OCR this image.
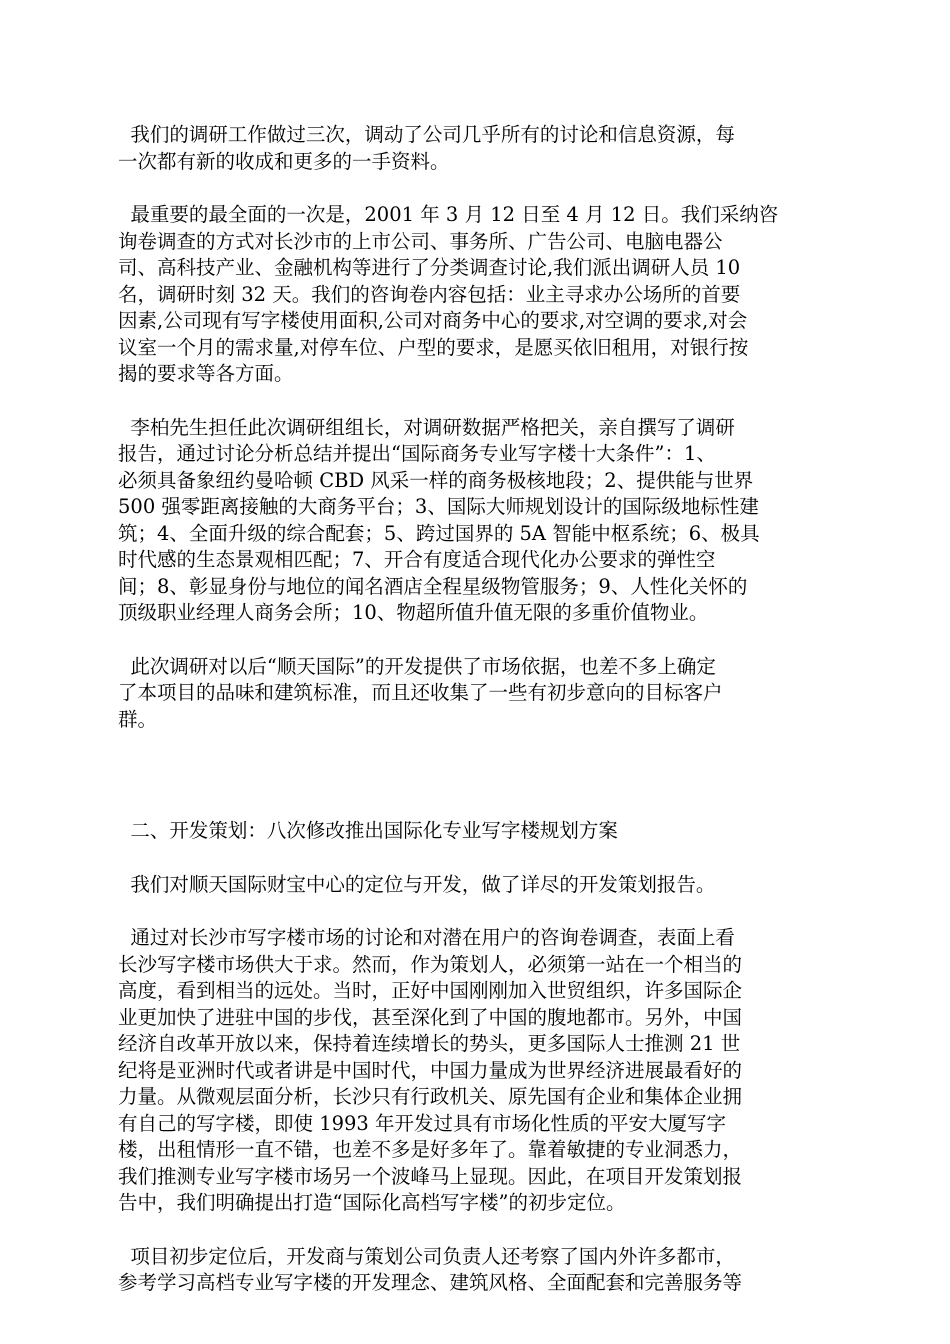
我们的调研工作做过三次，调动了公司几乎所有的讨论和信息资源，每
一次都有新的收成和更多的一手资料。
最重要的最全面的一次是，2001 年 3 月 12 日至 4 月 12 日。我们采纳咨
询卷调查的方式对长沙市的上市公司、事务所、广告公司、电脑电器公
司、高科技产业、金融机构等进行了分类调查讨论,我们派出调研人员 10
名，调研时刻 32 天。我们的咨询卷内容包括：业主寻求办公场所的首要
因素,公司现有写字楼使用面积,公司对商务中心的要求,对空调的要求,对会
议室一个月的需求量,对停车位、户型的要求，是愿买依旧租用，对银行按
揭的要求等各方面。
李柏先生担任此次调研组组长，对调研数据严格把关，亲自撰写了调研
报告，通过讨论分析总结并提出“国际商务专业写字楼十大条件”：1、
必须具备象纽约曼哈顿 CBD 风采一样的商务极核地段；2、提供能与世界
500 强零距离接触的大商务平台；3、国际大师规划设计的国际级地标性建
筑；4、全面升级的综合配套；5、跨过国界的 5A 智能中枢系统；6、极具
时代感的生态景观相匹配；7、开合有度适合现代化办公要求的弹性空
间；8、彰显身份与地位的闻名酒店全程星级物管服务；9、人性化关怀的
顶级职业经理人商务会所；10、物超所值升值无限的多重价值物业。
此次调研对以后“顺天国际”的开发提供了市场依据，也差不多上确定
了本项目的品味和建筑标准，而且还收集了一些有初步意向的目标客户
群。
二、开发策划：八次修改推出国际化专业写字楼规划方案
我们对顺天国际财宝中心的定位与开发，做了详尽的开发策划报告。
通过对长沙市写字楼市场的讨论和对潜在用户的咨询卷调查，表面上看
长沙写字楼市场供大于求。然而，作为策划人，必须第一站在一个相当的
高度，看到相当的远处。当时，正好中国刚刚加入世贸组织，许多国际企
业更加快了进驻中国的步伐，甚至深化到了中国的腹地都市。另外，中国
经济自改革开放以来，保持着连续增长的势头，更多国际人士推测 21 世
纪将是亚洲时代或者讲是中国时代，中国力量成为世界经济进展最看好的
力量。从微观层面分析，长沙只有行政机关、原先国有企业和集体企业拥
有自己的写字楼，即使 1993 年开发过具有市场化性质的平安大厦写字
楼，出租情形一直不错，也差不多是好多年了。靠着敏捷的专业洞悉力，
我们推测专业写字楼市场另一个波峰马上显现。因此，在项目开发策划报
告中，我们明确提出打造“国际化高档写字楼”的初步定位。
项目初步定位后，开发商与策划公司负责人还考察了国内外许多都市，
参考学习高档专业写字楼的开发理念、建筑风格、全面配套和完善服务等
